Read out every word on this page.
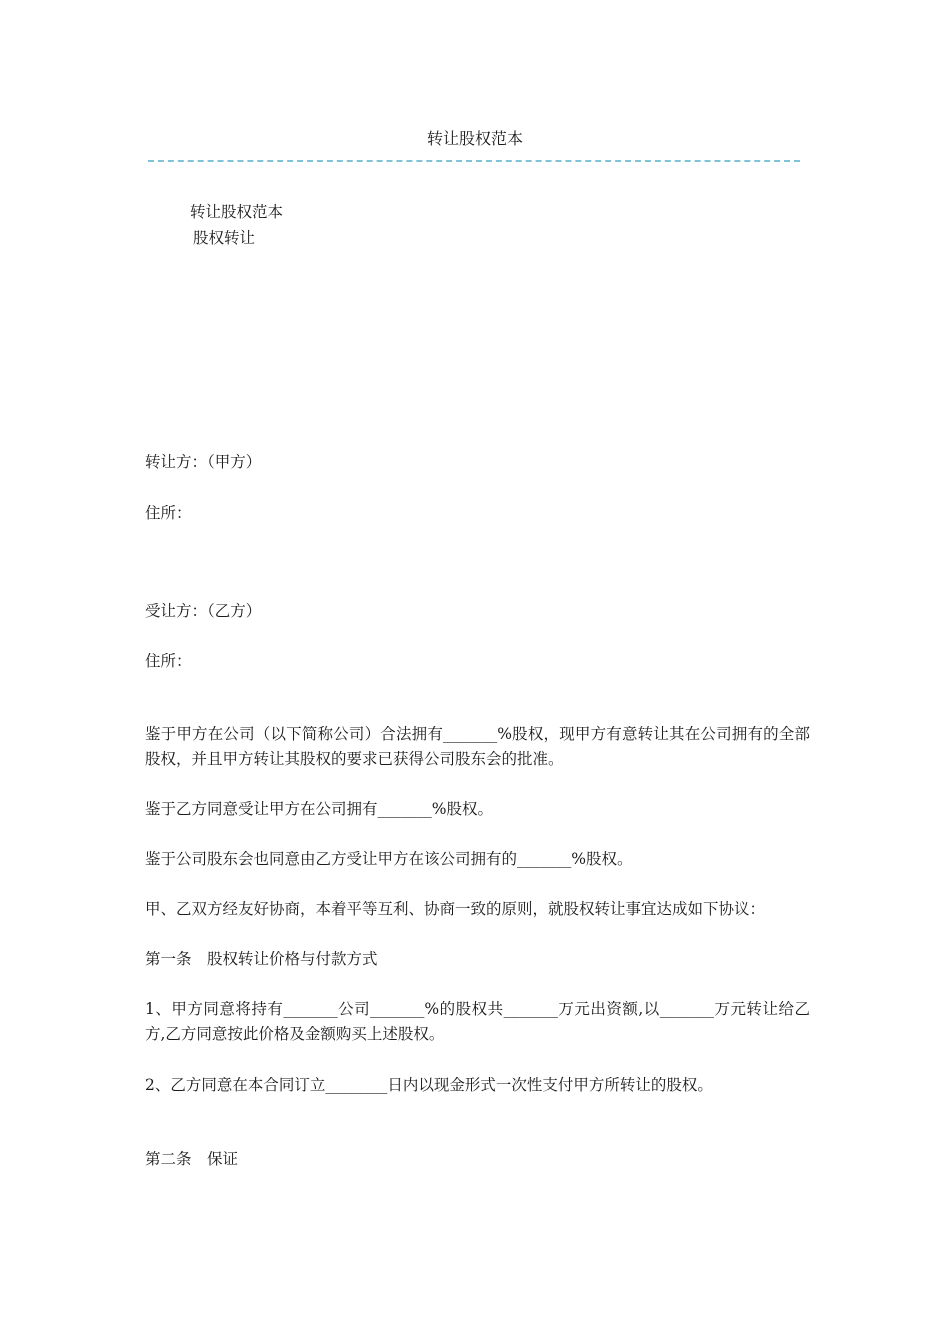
转让股权范本
转让股权范本
股权转让
转让方：（甲方）
住所：
受让方：（乙方）
住所：
鉴于甲方在公司（以下简称公司）合法拥有_______%股权，现甲方有意转让其在公司拥有的全部股权，并且甲方转让其股权的要求已获得公司股东会的批准。
鉴于乙方同意受让甲方在公司拥有_______%股权。
鉴于公司股东会也同意由乙方受让甲方在该公司拥有的_______%股权。
甲、乙双方经友好协商，本着平等互利、协商一致的原则，就股权转让事宜达成如下协议：
第一条　股权转让价格与付款方式
1、甲方同意将持有_______公司_______%的股权共_______万元出资额,以_______万元转让给乙方,乙方同意按此价格及金额购买上述股权。
2、乙方同意在本合同订立________日内以现金形式一次性支付甲方所转让的股权。
第二条　保证
